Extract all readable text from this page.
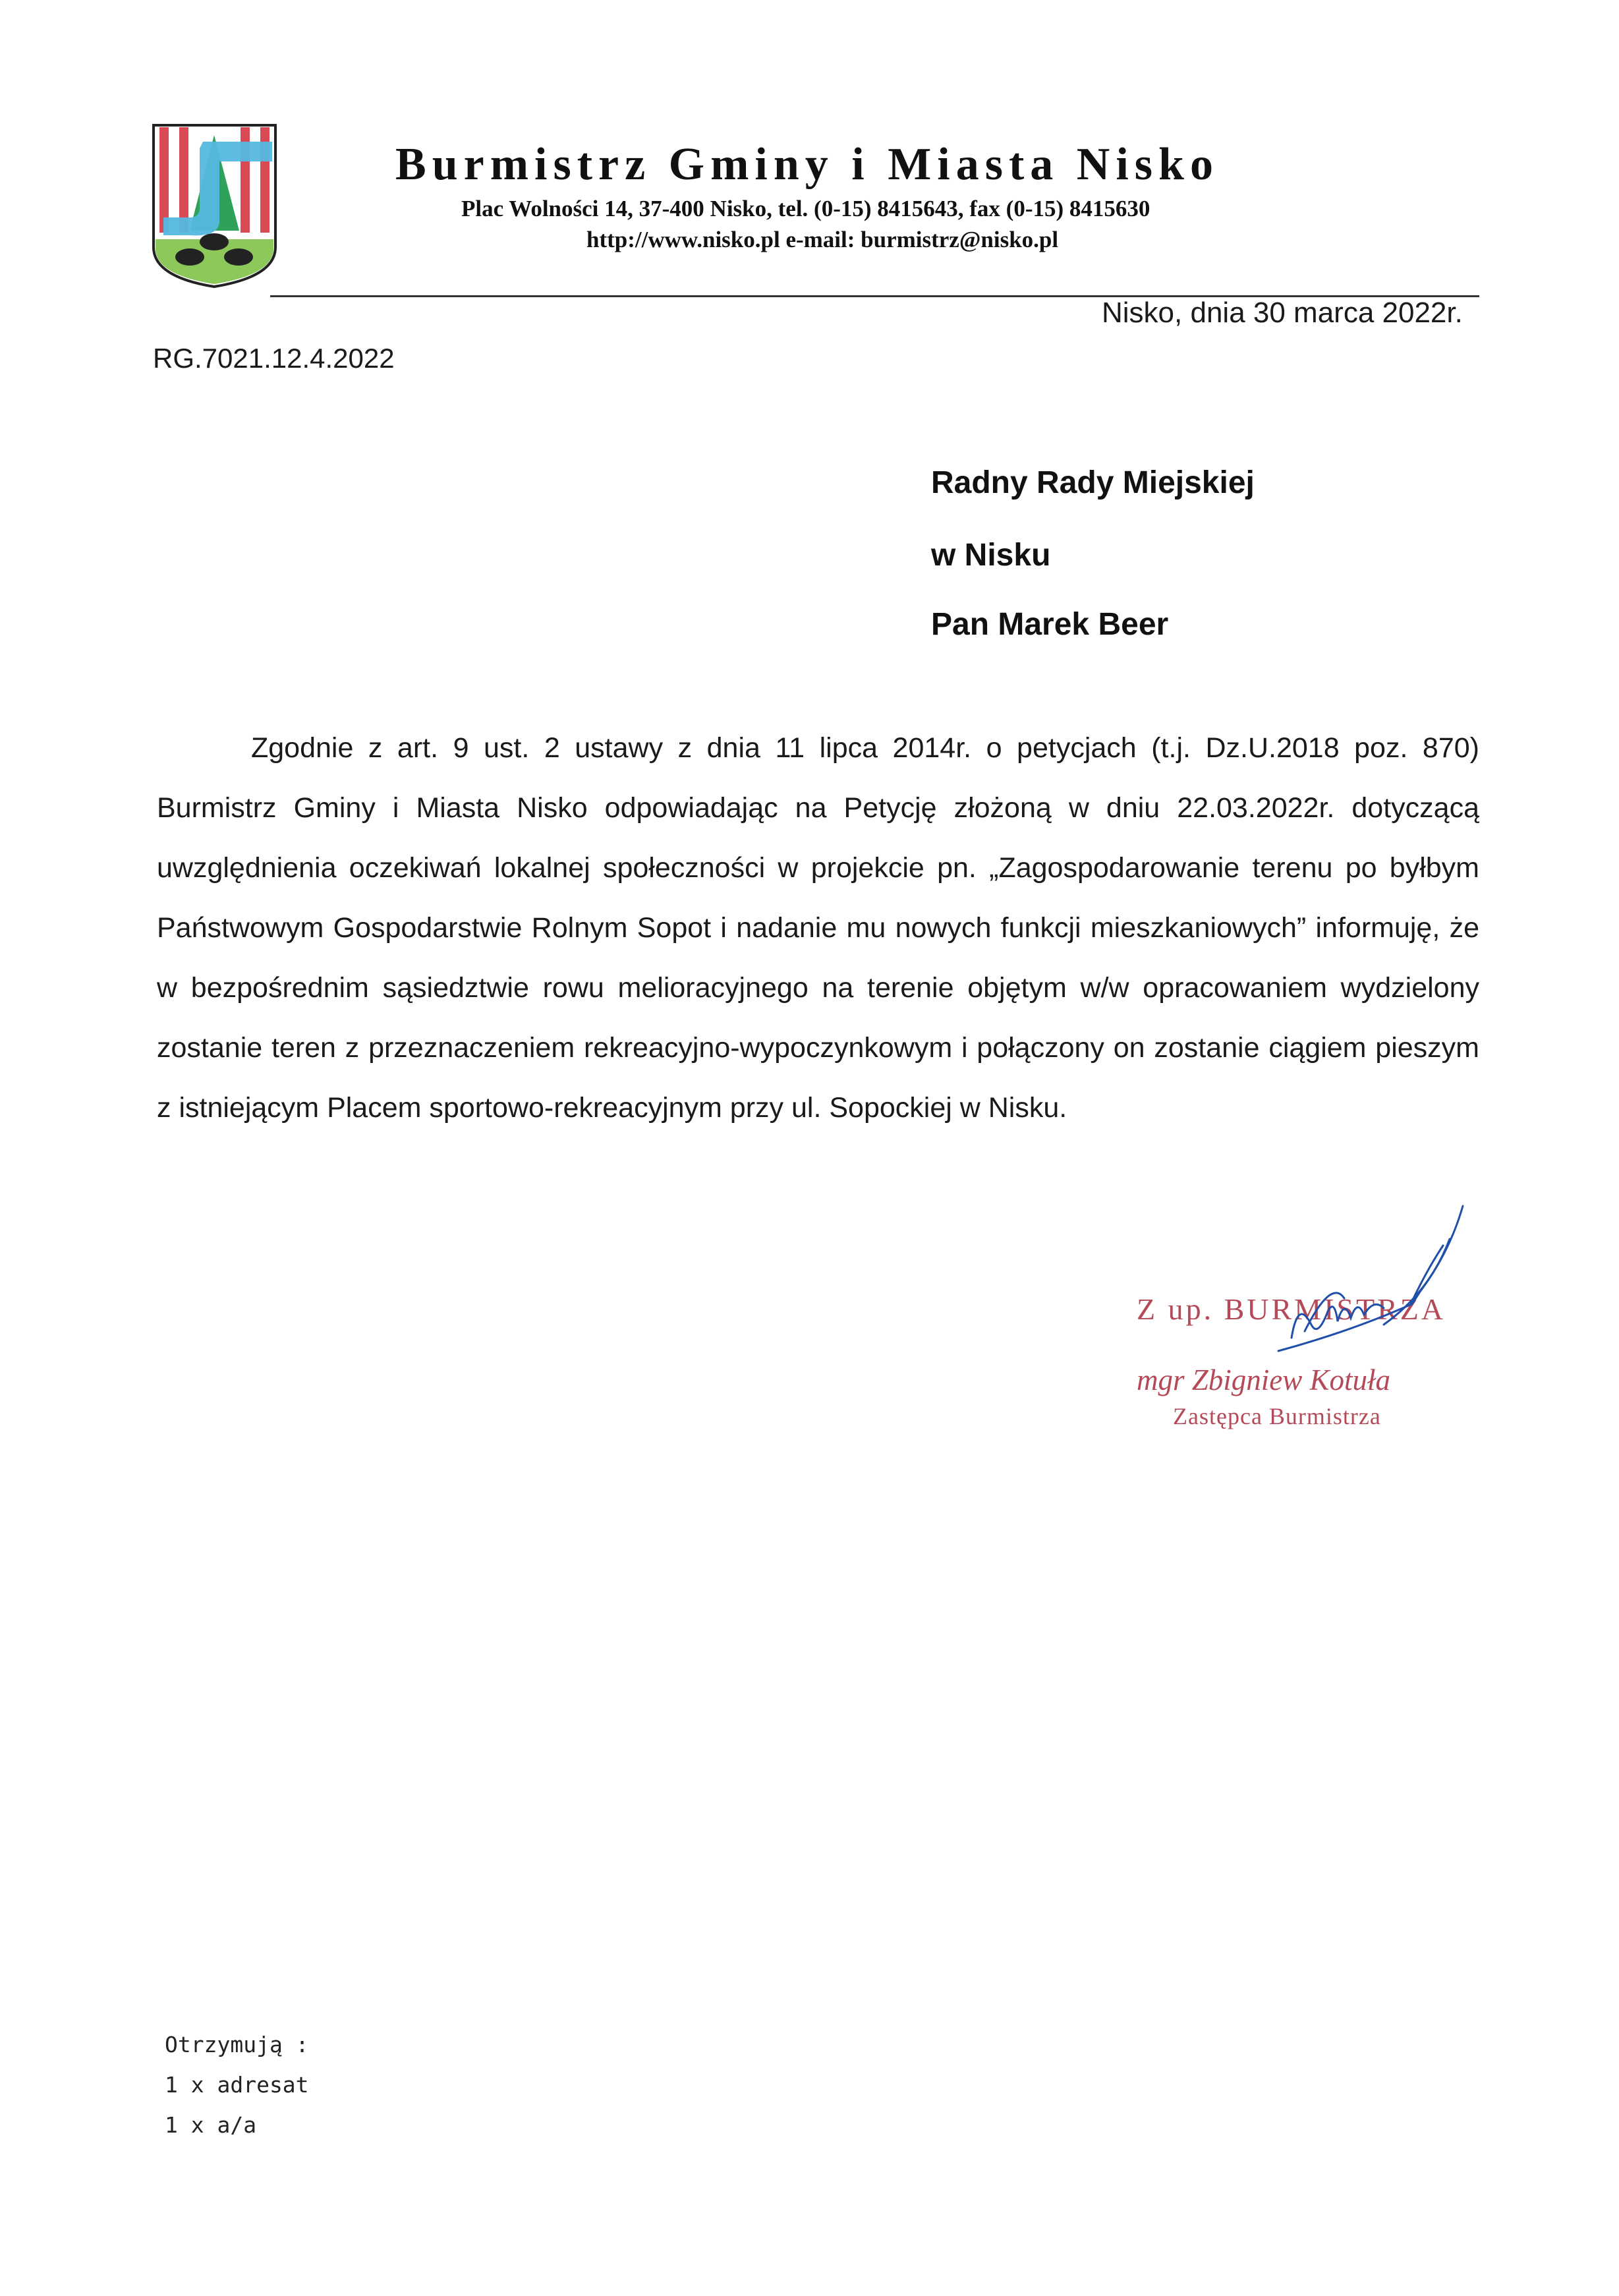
Burmistrz Gminy i Miasta Nisko
Plac Wolności 14, 37-400 Nisko, tel. (0-15) 8415643, fax (0-15) 8415630
http://www.nisko.pl e-mail: burmistrz@nisko.pl
Nisko, dnia 30 marca 2022r.
RG.7021.12.4.2022
Radny Rady Miejskiej
w Nisku
Pan Marek Beer
Zgodnie z art. 9 ust. 2 ustawy z dnia 11 lipca 2014r. o petycjach (t.j. Dz.U.2018 poz. 870) Burmistrz Gminy i Miasta Nisko odpowiadając na Petycję złożoną w dniu 22.03.2022r. dotyczącą uwzględnienia oczekiwań lokalnej społeczności w projekcie pn. „Zagospodarowanie terenu po byłbym Państwowym Gospodarstwie Rolnym Sopot i nadanie mu nowych funkcji mieszkaniowych” informuję, że w bezpośrednim sąsiedztwie rowu melioracyjnego na terenie objętym w/w opracowaniem wydzielony zostanie teren z przeznaczeniem rekreacyjno-wypoczynkowym i połączony on zostanie ciągiem pieszym z istniejącym Placem sportowo-rekreacyjnym przy ul. Sopockiej w Nisku.
Z up. BURMISTRZA
mgr Zbigniew Kotuła
Zastępca Burmistrza
Otrzymują :
1 x adresat
1 x a/a
